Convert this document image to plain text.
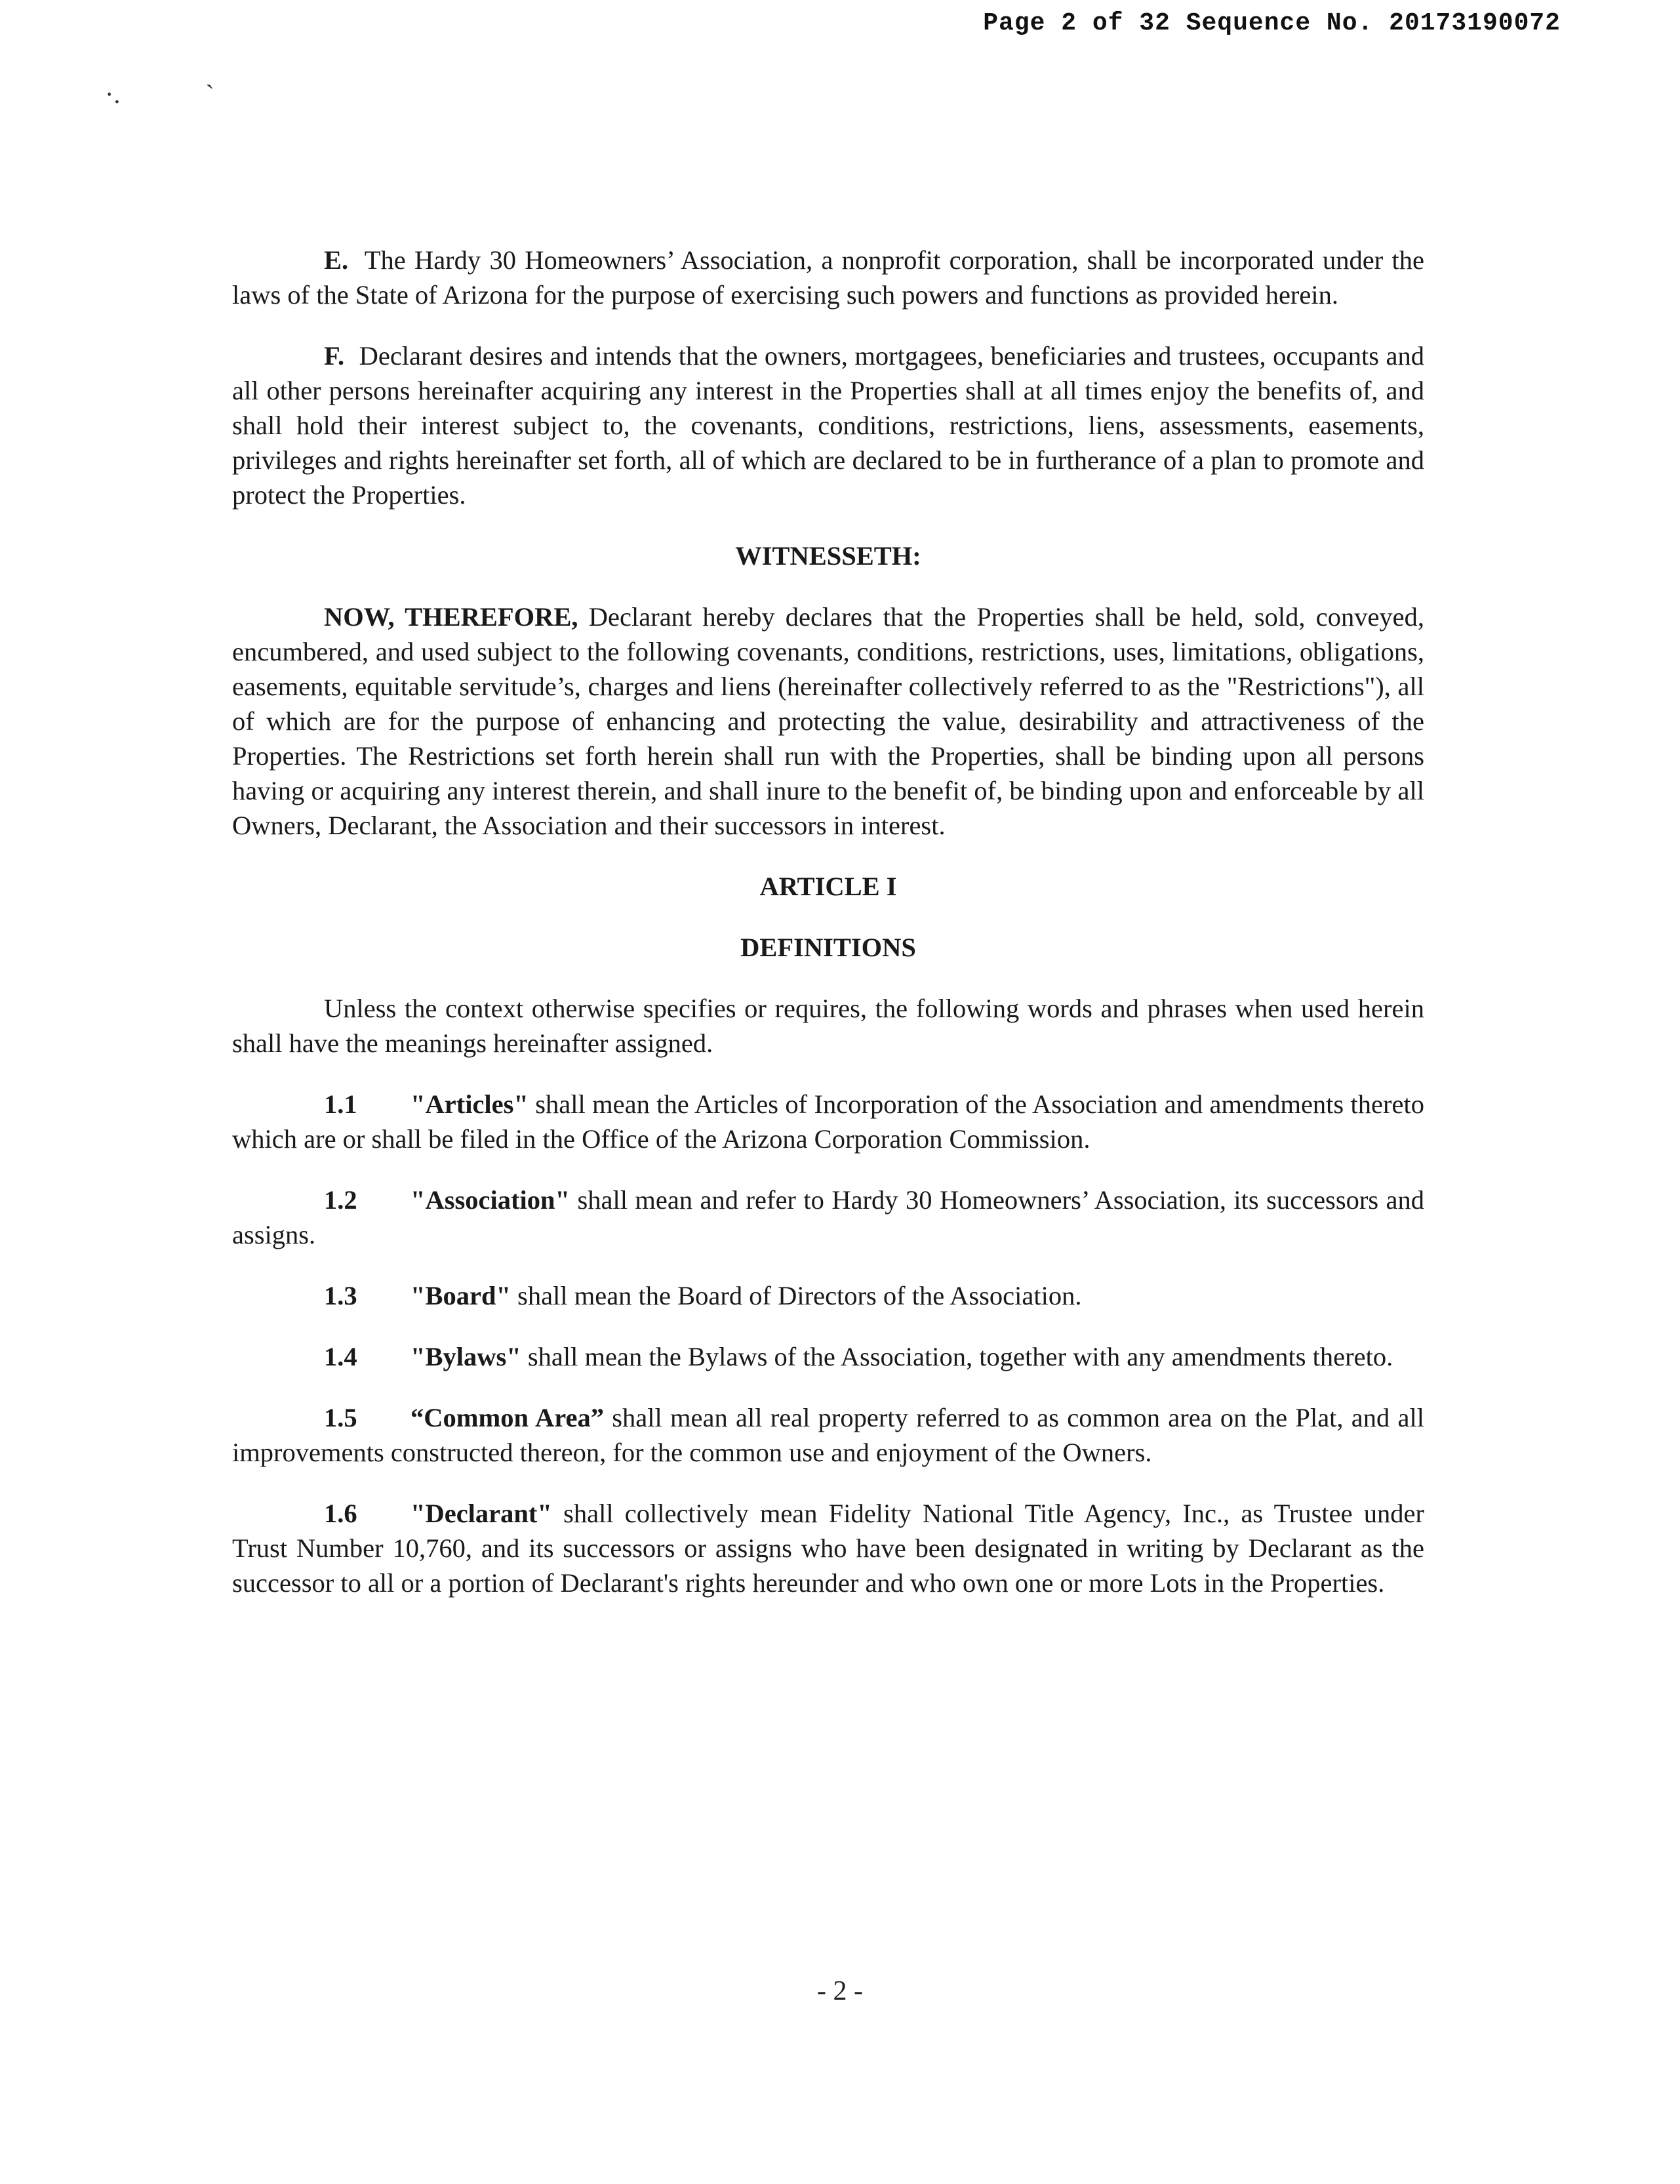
Page 2 of 32 Sequence No. 20173190072
·.	`

E. The Hardy 30 Homeowners’ Association, a nonprofit corporation, shall be incorporated under the laws of the State of Arizona for the purpose of exercising such powers and functions as provided herein.

F. Declarant desires and intends that the owners, mortgagees, beneficiaries and trustees, occupants and all other persons hereinafter acquiring any interest in the Properties shall at all times enjoy the benefits of, and shall hold their interest subject to, the covenants, conditions, restrictions, liens, assessments, easements, privileges and rights hereinafter set forth, all of which are declared to be in furtherance of a plan to promote and protect the Properties.

WITNESSETH:

NOW, THEREFORE, Declarant hereby declares that the Properties shall be held, sold, conveyed, encumbered, and used subject to the following covenants, conditions, restrictions, uses, limitations, obligations, easements, equitable servitude’s, charges and liens (hereinafter collectively referred to as the "Restrictions"), all of which are for the purpose of enhancing and protecting the value, desirability and attractiveness of the Properties. The Restrictions set forth herein shall run with the Properties, shall be binding upon all persons having or acquiring any interest therein, and shall inure to the benefit of, be binding upon and enforceable by all Owners, Declarant, the Association and their successors in interest.

ARTICLE I
DEFINITIONS

Unless the context otherwise specifies or requires, the following words and phrases when used herein shall have the meanings hereinafter assigned.

1.1 "Articles" shall mean the Articles of Incorporation of the Association and amendments thereto which are or shall be filed in the Office of the Arizona Corporation Commission.

1.2 "Association" shall mean and refer to Hardy 30 Homeowners’ Association, its successors and assigns.

1.3 "Board" shall mean the Board of Directors of the Association.

1.4 "Bylaws" shall mean the Bylaws of the Association, together with any amendments thereto.

1.5 “Common Area” shall mean all real property referred to as common area on the Plat, and all improvements constructed thereon, for the common use and enjoyment of the Owners.

1.6 "Declarant" shall collectively mean Fidelity National Title Agency, Inc., as Trustee under Trust Number 10,760, and its successors or assigns who have been designated in writing by Declarant as the successor to all or a portion of Declarant's rights hereunder and who own one or more Lots in the Properties.

- 2 -
